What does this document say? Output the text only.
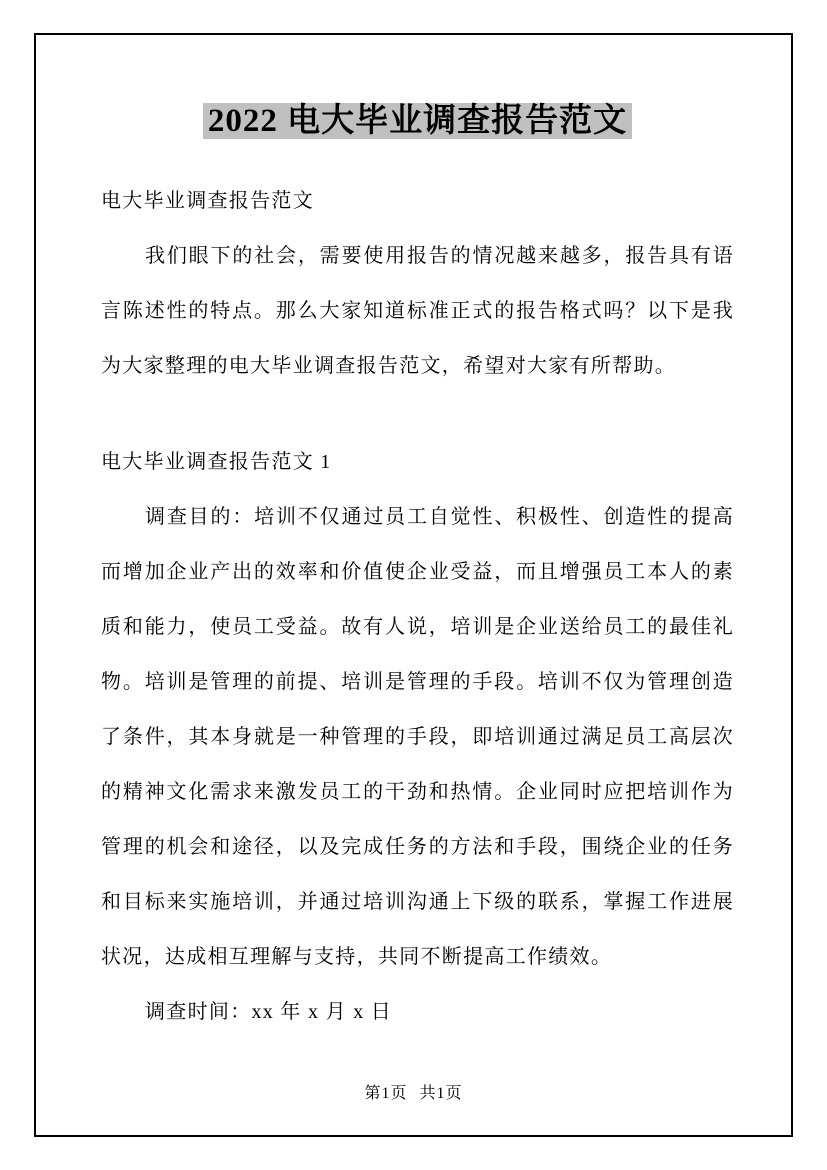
2022 电大毕业调查报告范文

电大毕业调查报告范文

我们眼下的社会，需要使用报告的情况越来越多，报告具有语言陈述性的特点。那么大家知道标准正式的报告格式吗？以下是我为大家整理的电大毕业调查报告范文，希望对大家有所帮助。

电大毕业调查报告范文 1

调查目的：培训不仅通过员工自觉性、积极性、创造性的提高而增加企业产出的效率和价值使企业受益，而且增强员工本人的素质和能力，使员工受益。故有人说，培训是企业送给员工的最佳礼物。培训是管理的前提、培训是管理的手段。培训不仅为管理创造了条件，其本身就是一种管理的手段，即培训通过满足员工高层次的精神文化需求来激发员工的干劲和热情。企业同时应把培训作为管理的机会和途径，以及完成任务的方法和手段，围绕企业的任务和目标来实施培训，并通过培训沟通上下级的联系，掌握工作进展状况，达成相互理解与支持，共同不断提高工作绩效。

调查时间：xx 年 x 月 x 日

第1页 共1页
